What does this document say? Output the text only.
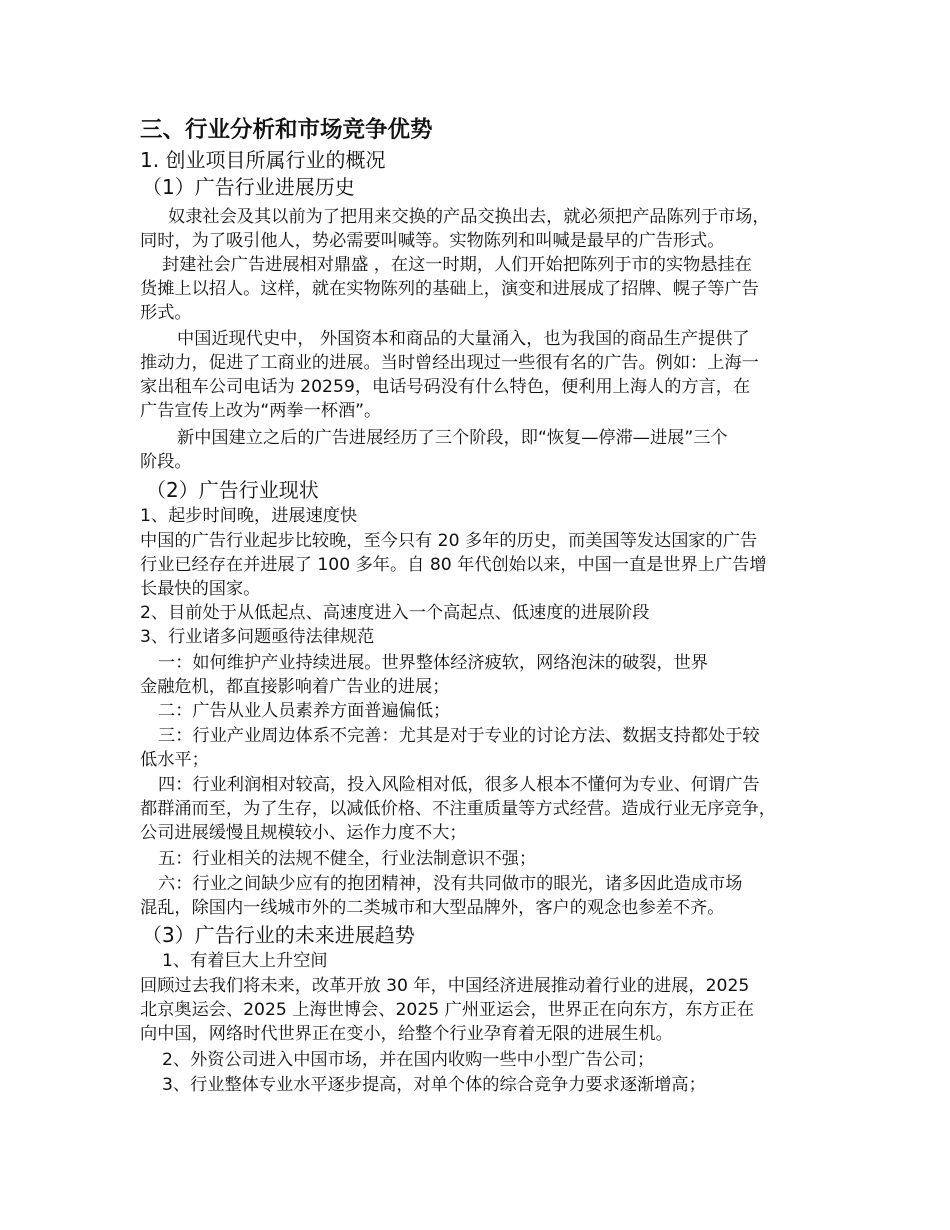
三、行业分析和市场竞争优势
1. 创业项目所属行业的概况
（1）广告行业进展历史
奴隶社会及其以前为了把用来交换的产品交换出去，就必须把产品陈列于市场，
同时，为了吸引他人，势必需要叫喊等。实物陈列和叫喊是最早的广告形式。
封建社会广告进展相对鼎盛 ，在这一时期，人们开始把陈列于市的实物悬挂在
货摊上以招人。这样，就在实物陈列的基础上，演变和进展成了招牌、幌子等广告
形式。
中国近现代史中， 外国资本和商品的大量涌入，也为我国的商品生产提供了
推动力，促进了工商业的进展。当时曾经出现过一些很有名的广告。例如：上海一
家出租车公司电话为 20259，电话号码没有什么特色，便利用上海人的方言，在
广告宣传上改为“两拳一杯酒”。
新中国建立之后的广告进展经历了三个阶段，即“恢复—停滞—进展”三个
阶段。
（2）广告行业现状
1、起步时间晚，进展速度快
中国的广告行业起步比较晚，至今只有 20 多年的历史，而美国等发达国家的广告
行业已经存在并进展了 100 多年。自 80 年代创始以来，中国一直是世界上广告增
长最快的国家。
2、目前处于从低起点、高速度进入一个高起点、低速度的进展阶段
3、行业诸多问题亟待法律规范
一：如何维护产业持续进展。世界整体经济疲软，网络泡沫的破裂，世界
金融危机，都直接影响着广告业的进展；
二：广告从业人员素养方面普遍偏低；
三：行业产业周边体系不完善：尤其是对于专业的讨论方法、数据支持都处于较
低水平；
四：行业利润相对较高，投入风险相对低，很多人根本不懂何为专业、何谓广告
都群涌而至，为了生存，以减低价格、不注重质量等方式经营。造成行业无序竞争，
公司进展缓慢且规模较小、运作力度不大；
五：行业相关的法规不健全，行业法制意识不强；
六：行业之间缺少应有的抱团精神，没有共同做市的眼光，诸多因此造成市场
混乱，除国内一线城市外的二类城市和大型品牌外，客户的观念也参差不齐。
（3）广告行业的未来进展趋势
1、有着巨大上升空间
回顾过去我们将未来，改革开放 30 年，中国经济进展推动着行业的进展，2025
北京奥运会、2025 上海世博会、2025 广州亚运会，世界正在向东方，东方正在
向中国，网络时代世界正在变小，给整个行业孕育着无限的进展生机。
2、外资公司进入中国市场，并在国内收购一些中小型广告公司；
3、行业整体专业水平逐步提高，对单个体的综合竞争力要求逐渐增高；
